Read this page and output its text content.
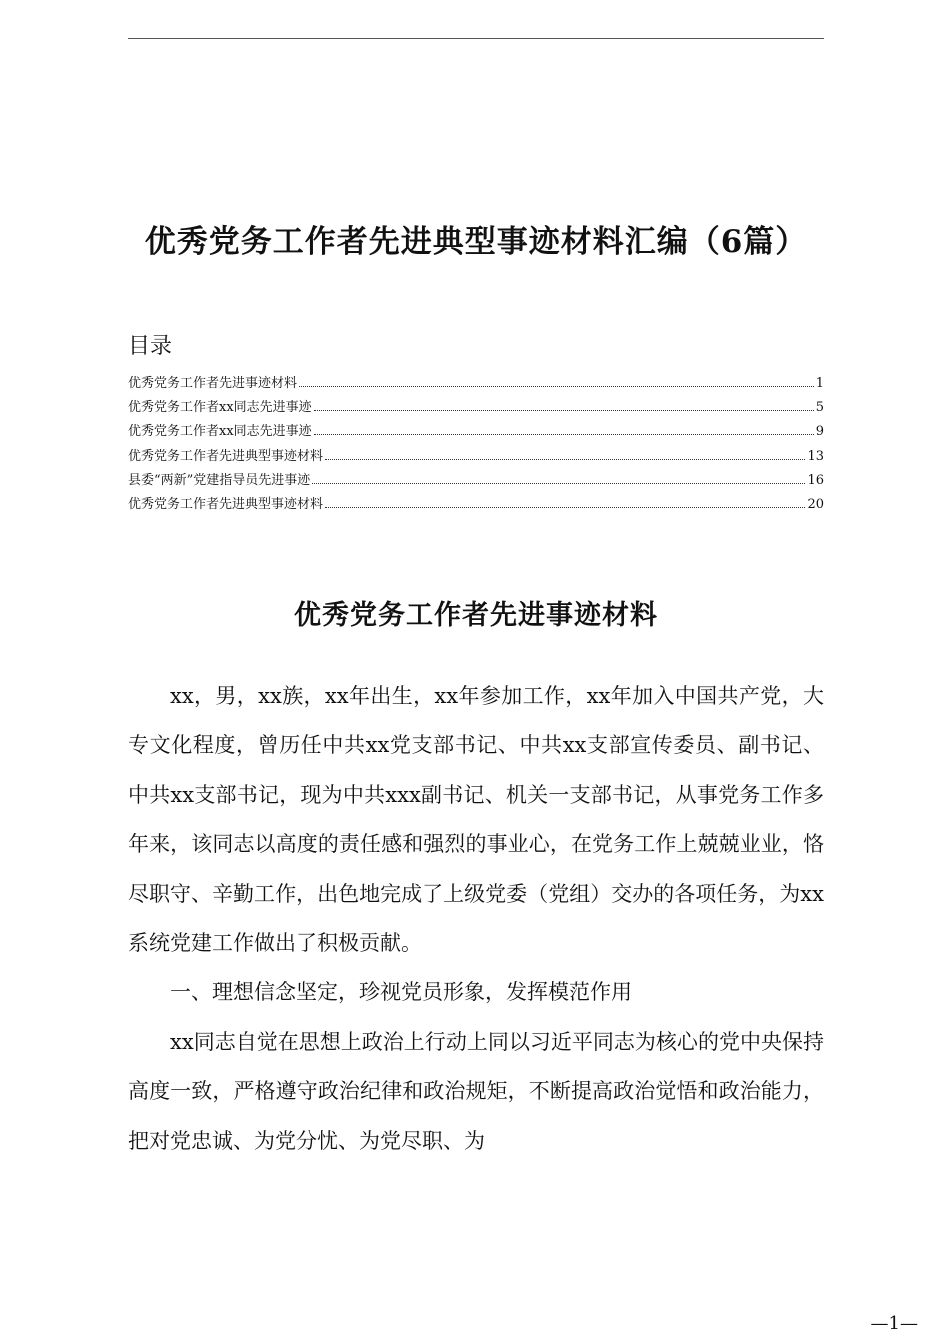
优秀党务工作者先进典型事迹材料汇编（6篇）
目录
优秀党务工作者先进事迹材料	1
优秀党务工作者xx同志先进事迹	5
优秀党务工作者xx同志先进事迹	9
优秀党务工作者先进典型事迹材料	13
县委“两新”党建指导员先进事迹	16
优秀党务工作者先进典型事迹材料	20
优秀党务工作者先进事迹材料

xx，男，xx族，xx年出生，xx年参加工作，xx年加入中国共产党，大专文化程度，曾历任中共xx党支部书记、中共xx支部宣传委员、副书记、中共xx支部书记，现为中共xxx副书记、机关一支部书记，从事党务工作多年来，该同志以高度的责任感和强烈的事业心，在党务工作上兢兢业业，恪尽职守、辛勤工作，出色地完成了上级党委（党组）交办的各项任务，为xx系统党建工作做出了积极贡献。

一、理想信念坚定，珍视党员形象，发挥模范作用

xx同志自觉在思想上政治上行动上同以习近平同志为核心的党中央保持高度一致，严格遵守政治纪律和政治规矩，不断提高政治觉悟和政治能力，把对党忠诚、为党分忧、为党尽职、为

—1—
